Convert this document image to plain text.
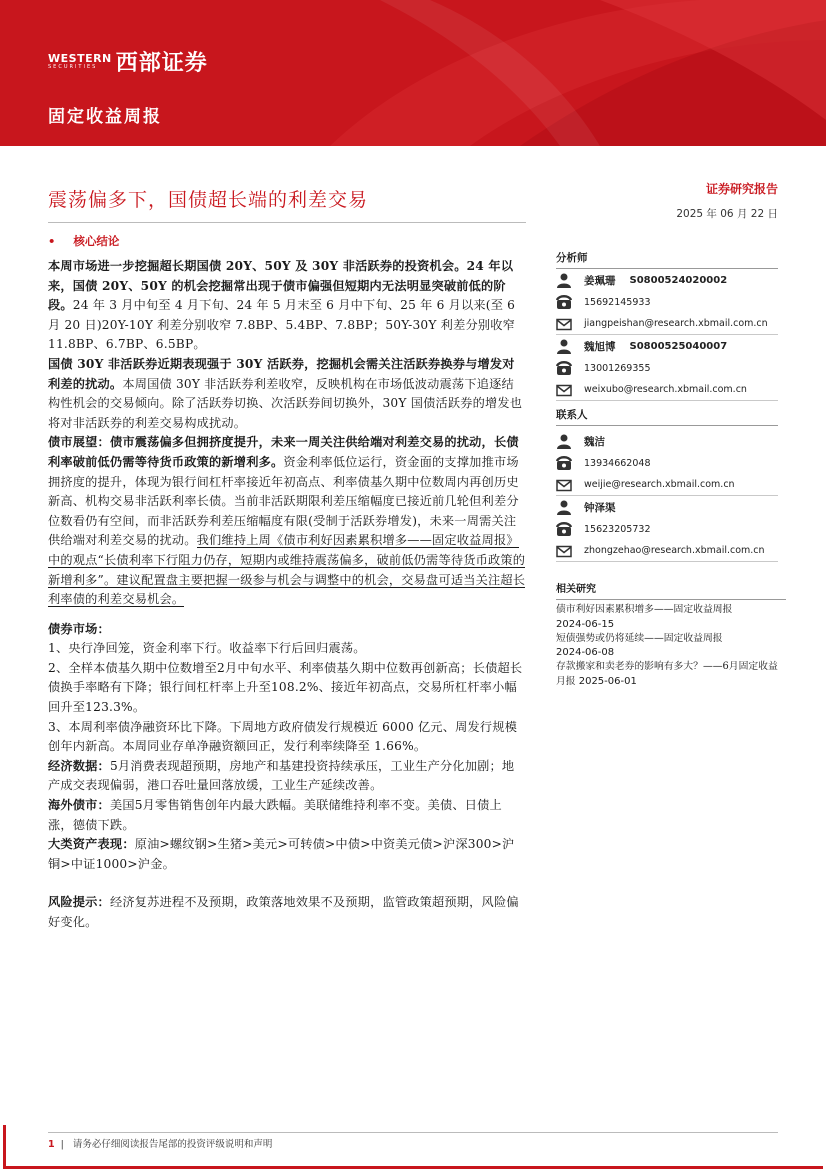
WESTERN
SECURITIES 西部证券
固定收益周报
震荡偏多下，国债超长端的利差交易	证券研究报告
2025 年 06 月 22 日
• 核心结论

本周市场进一步挖掘超长期国债 20Y、50Y 及 30Y 非活跃券的投资机会。24 年以来，国债 20Y、50Y 的机会挖掘常出现于债市偏强但短期内无法明显突破前低的阶段。24 年 3 月中旬至 4 月下旬、24 年 5 月末至 6 月中下旬、25 年 6 月以来(至 6 月 20 日)20Y-10Y 利差分别收窄 7.8BP、5.4BP、7.8BP；50Y-30Y 利差分别收窄 11.8BP、6.7BP、6.5BP。

国债 30Y 非活跃券近期表现强于 30Y 活跃券，挖掘机会需关注活跃券换券与增发对利差的扰动。本周国债 30Y 非活跃券利差收窄，反映机构在市场低波动震荡下追逐结构性机会的交易倾向。除了活跃券切换、次活跃券间切换外，30Y 国债活跃券的增发也将对非活跃券的利差交易构成扰动。

债市展望：债市震荡偏多但拥挤度提升，未来一周关注供给端对利差交易的扰动，长债利率破前低仍需等待货币政策的新增利多。资金利率低位运行，资金面的支撑加推市场拥挤度的提升，体现为银行间杠杆率接近年初高点、利率债基久期中位数周内再创历史新高、机构交易非活跃利率长债。当前非活跃期限利差压缩幅度已接近前几轮但利差分位数看仍有空间，而非活跃券利差压缩幅度有限(受制于活跃券增发)，未来一周需关注供给端对利差交易的扰动。我们维持上周《债市利好因素累积增多——固定收益周报》中的观点“长债利率下行阻力仍存，短期内或维持震荡偏多，破前低仍需等待货币政策的新增利多”。建议配置盘主要把握一级参与机会与调整中的机会，交易盘可适当关注超长利率债的利差交易机会。

债券市场：

1、央行净回笼，资金利率下行。收益率下行后回归震荡。

2、全样本债基久期中位数增至2月中旬水平、利率债基久期中位数再创新高；长债超长债换手率略有下降；银行间杠杆率上升至108.2%、接近年初高点，交易所杠杆率小幅回升至123.3%。

3、本周利率债净融资环比下降。下周地方政府债发行规模近 6000 亿元、周发行规模创年内新高。本周同业存单净融资额回正，发行利率续降至 1.66%。

经济数据：5月消费表现超预期，房地产和基建投资持续承压，工业生产分化加剧；地产成交表现偏弱，港口吞吐量回落放缓，工业生产延续改善。

海外债市：美国5月零售销售创年内最大跌幅。美联储维持利率不变。美债、日债上涨，德债下跌。

大类资产表现：原油>螺纹钢>生猪>美元>可转债>中债>中资美元债>沪深300>沪铜>中证1000>沪金。

风险提示：经济复苏进程不及预期，政策落地效果不及预期，监管政策超预期，风险偏好变化。

分析师
姜珮珊 S0800524020002
15692145933
jiangpeishan@research.xbmail.com.cn
魏旭博 S0800525040007
13001269355
weixubo@research.xbmail.com.cn
联系人
魏洁
13934662048
weijie@research.xbmail.com.cn
钟泽渠
15623205732
zhongzehao@research.xbmail.com.cn
相关研究
债市利好因素累积增多——固定收益周报
2024-06-15
短债强势或仍将延续——固定收益周报
2024-06-08
存款搬家和卖老券的影响有多大？——6月固定收益月报 2025-06-01
1 | 请务必仔细阅读报告尾部的投资评级说明和声明
